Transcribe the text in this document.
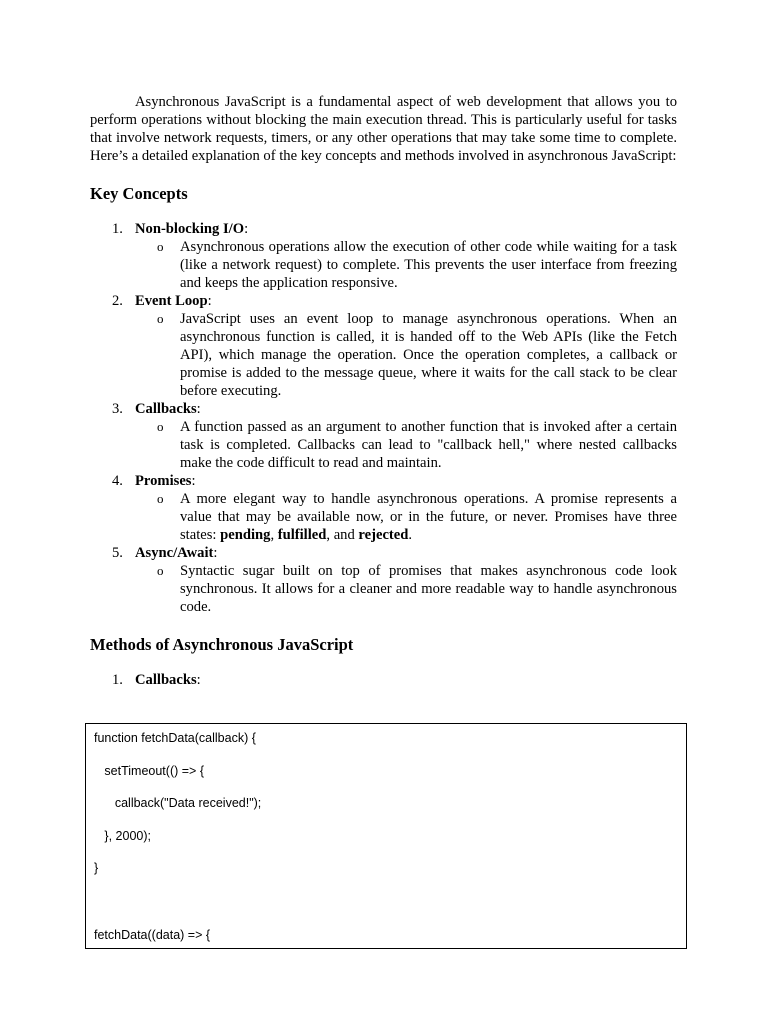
Asynchronous JavaScript is a fundamental aspect of web development that allows you to perform operations without blocking the main execution thread. This is particularly useful for tasks that involve network requests, timers, or any other operations that may take some time to complete. Here’s a detailed explanation of the key concepts and methods involved in asynchronous JavaScript:

Key Concepts
1. Non-blocking I/O:
o Asynchronous operations allow the execution of other code while waiting for a task (like a network request) to complete. This prevents the user interface from freezing and keeps the application responsive.
2. Event Loop:
o JavaScript uses an event loop to manage asynchronous operations. When an asynchronous function is called, it is handed off to the Web APIs (like the Fetch API), which manage the operation. Once the operation completes, a callback or promise is added to the message queue, where it waits for the call stack to be clear before executing.
3. Callbacks:
o A function passed as an argument to another function that is invoked after a certain task is completed. Callbacks can lead to "callback hell," where nested callbacks make the code difficult to read and maintain.
4. Promises:
o A more elegant way to handle asynchronous operations. A promise represents a value that may be available now, or in the future, or never. Promises have three states: pending, fulfilled, and rejected.
5. Async/Await:
o Syntactic sugar built on top of promises that makes asynchronous code look synchronous. It allows for a cleaner and more readable way to handle asynchronous code.
Methods of Asynchronous JavaScript
1. Callbacks:
function fetchData(callback) {
setTimeout(() => {
callback("Data received!");
}, 2000);
}
fetchData((data) => {
